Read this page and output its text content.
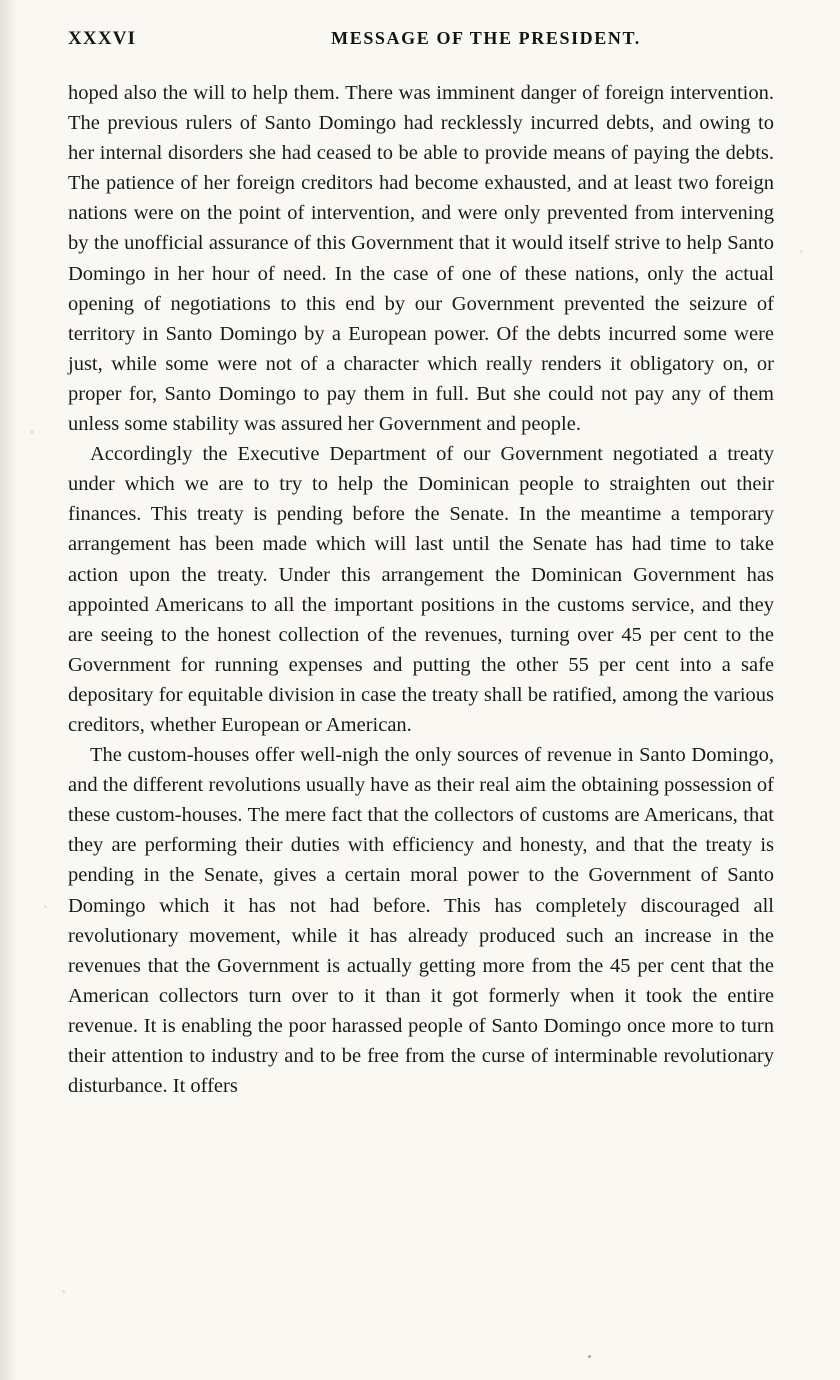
XXXVI	MESSAGE OF THE PRESIDENT.

hoped also the will to help them. There was imminent danger of foreign intervention. The previous rulers of Santo Domingo had recklessly incurred debts, and owing to her internal disorders she had ceased to be able to provide means of paying the debts. The patience of her foreign creditors had become exhausted, and at least two foreign nations were on the point of intervention, and were only prevented from intervening by the unofficial assurance of this Government that it would itself strive to help Santo Domingo in her hour of need. In the case of one of these nations, only the actual opening of negotiations to this end by our Government prevented the seizure of territory in Santo Domingo by a European power. Of the debts incurred some were just, while some were not of a character which really renders it obligatory on, or proper for, Santo Domingo to pay them in full. But she could not pay any of them unless some stability was assured her Government and people.

Accordingly the Executive Department of our Government negotiated a treaty under which we are to try to help the Dominican people to straighten out their finances. This treaty is pending before the Senate. In the meantime a temporary arrangement has been made which will last until the Senate has had time to take action upon the treaty. Under this arrangement the Dominican Government has appointed Americans to all the important positions in the customs service, and they are seeing to the honest collection of the revenues, turning over 45 per cent to the Government for running expenses and putting the other 55 per cent into a safe depositary for equitable division in case the treaty shall be ratified, among the various creditors, whether European or American.

The custom-houses offer well-nigh the only sources of revenue in Santo Domingo, and the different revolutions usually have as their real aim the obtaining possession of these custom-houses. The mere fact that the collectors of customs are Americans, that they are performing their duties with efficiency and honesty, and that the treaty is pending in the Senate, gives a certain moral power to the Government of Santo Domingo which it has not had before. This has completely discouraged all revolutionary movement, while it has already produced such an increase in the revenues that the Government is actually getting more from the 45 per cent that the American collectors turn over to it than it got formerly when it took the entire revenue. It is enabling the poor harassed people of Santo Domingo once more to turn their attention to industry and to be free from the curse of interminable revolutionary disturbance. It offers
